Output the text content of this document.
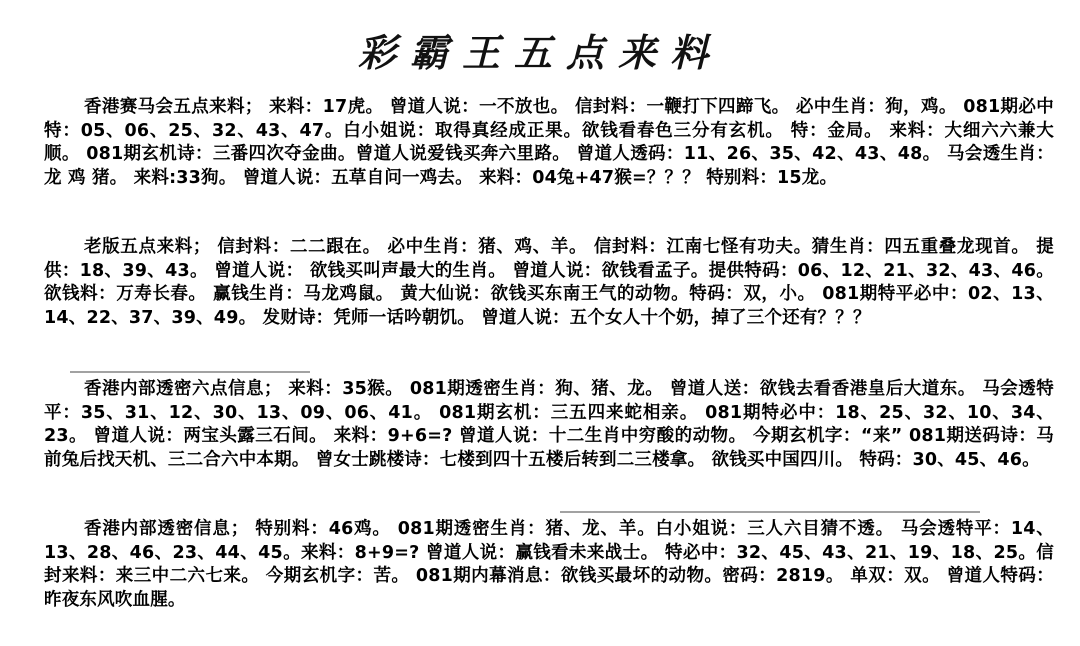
彩霸王五点来料
香港赛马会五点来料； 来料：17虎。 曾道人说：一不放也。 信封料：一鞭打下四蹄飞。 必中生肖：狗，鸡。 081期必中特：05、06、25、32、43、47。白小姐说：取得真经成正果。欲钱看春色三分有玄机。 特：金局。 来料：大细六六兼大顺。 081期玄机诗：三番四次夺金曲。曾道人说爱钱买奔六里路。 曾道人透码：11、26、35、42、43、48。 马会透生肖：龙 鸡 猪。 来料:33狗。 曾道人说：五草自问一鸡去。 来料：04兔+47猴=？？？ 特别料：15龙。
老版五点来料； 信封料：二二跟在。 必中生肖：猪、鸡、羊。 信封料：江南七怪有功夫。猜生肖：四五重叠龙现首。 提供：18、39、43。 曾道人说： 欲钱买叫声最大的生肖。 曾道人说：欲钱看孟子。提供特码：06、12、21、32、43、46。 欲钱料：万寿长春。 赢钱生肖：马龙鸡鼠。 黄大仙说：欲钱买东南王气的动物。特码：双，小。 081期特平必中：02、13、14、22、37、39、49。 发财诗：凭师一话吟朝饥。 曾道人说：五个女人十个奶，掉了三个还有？？？
香港内部透密六点信息； 来料：35猴。 081期透密生肖：狗、猪、龙。 曾道人送：欲钱去看香港皇后大道东。 马会透特平：35、31、12、30、13、09、06、41。 081期玄机：三五四来蛇相亲。 081期特必中：18、25、32、10、34、23。 曾道人说：两宝头露三石间。 来料：9+6=? 曾道人说：十二生肖中穷酸的动物。 今期玄机字：“来” 081期送码诗：马前兔后找天机、三二合六中本期。 曾女士跳楼诗：七楼到四十五楼后转到二三楼拿。 欲钱买中国四川。 特码：30、45、46。
香港内部透密信息； 特别料：46鸡。 081期透密生肖：猪、龙、羊。白小姐说：三人六目猜不透。 马会透特平：14、13、28、46、23、44、45。来料：8+9=? 曾道人说：赢钱看未来战士。 特必中：32、45、43、21、19、18、25。信封来料：来三中二六七来。 今期玄机字：苦。 081期内幕消息：欲钱买最坏的动物。密码：2819。 单双：双。 曾道人特码：昨夜东风吹血腥。
